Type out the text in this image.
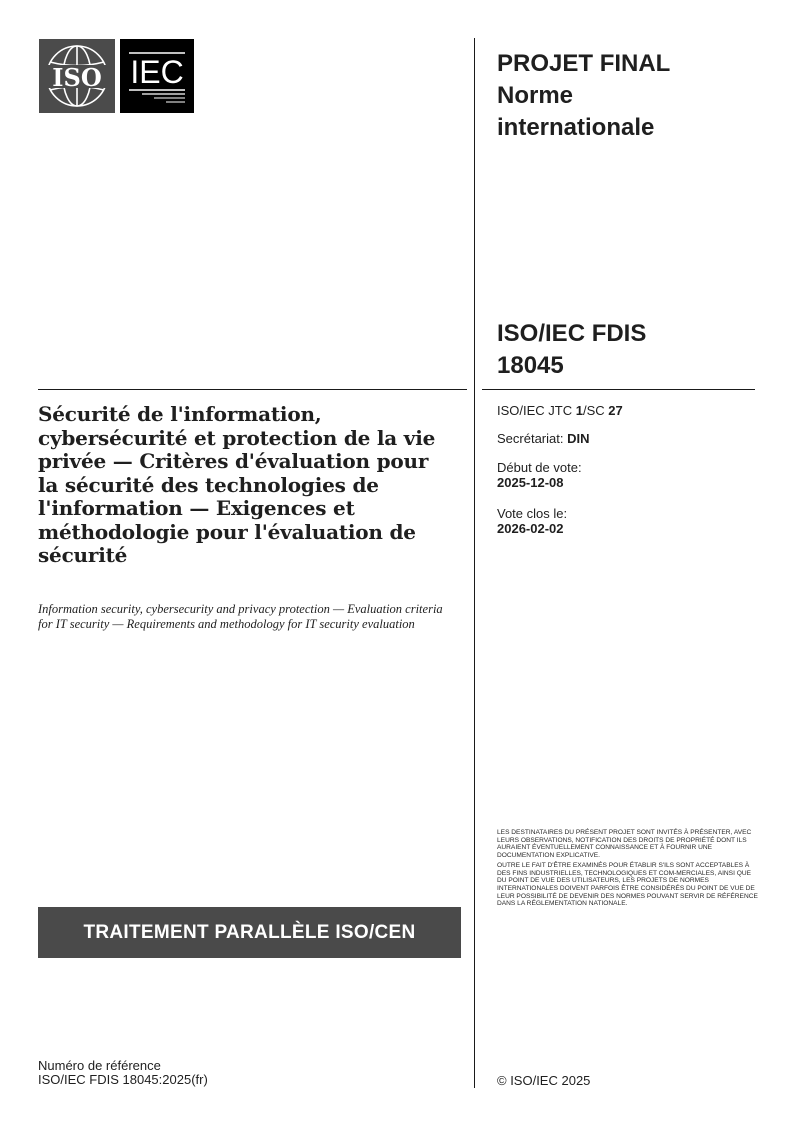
ISO IEC	PROJET FINAL
Norme
internationale
ISO/IEC FDIS
18045
ISO/IEC JTC 1/SC 27
Secrétariat: DIN
Début de vote:
2025-12-08
Vote clos le:
2026-02-02
Sécurité de l'information, cybersécurité et protection de la vie privée — Critères d'évaluation pour la sécurité des technologies de l'information — Exigences et méthodologie pour l'évaluation de sécurité
Information security, cybersecurity and privacy protection — Evaluation criteria for IT security — Requirements and methodology for IT security evaluation

LES DESTINATAIRES DU PRÉSENT PROJET SONT INVITÉS À PRÉSENTER, AVEC LEURS OBSERVATIONS, NOTIFICATION DES DROITS DE PROPRIÉTÉ DONT ILS AURAIENT ÉVENTUELLEMENT CONNAISSANCE ET À FOURNIR UNE DOCUMENTATION EXPLICATIVE.

OUTRE LE FAIT D'ÊTRE EXAMINÉS POUR ÉTABLIR S'ILS SONT ACCEPTABLES À DES FINS INDUSTRIELLES, TECHNOLOGIQUES ET COM-MERCIALES, AINSI QUE DU POINT DE VUE DES UTILISATEURS, LES PROJETS DE NORMES INTERNATIONALES DOIVENT PARFOIS ÊTRE CONSIDÉRÉS DU POINT DE VUE DE LEUR POSSIBILITÉ DE DEVENIR DES NORMES POUVANT SERVIR DE RÉFÉRENCE DANS LA RÉGLEMENTATION NATIONALE.

TRAITEMENT PARALLÈLE ISO/CEN
Numéro de référence
ISO/IEC FDIS 18045:2025(fr)	© ISO/IEC 2025
